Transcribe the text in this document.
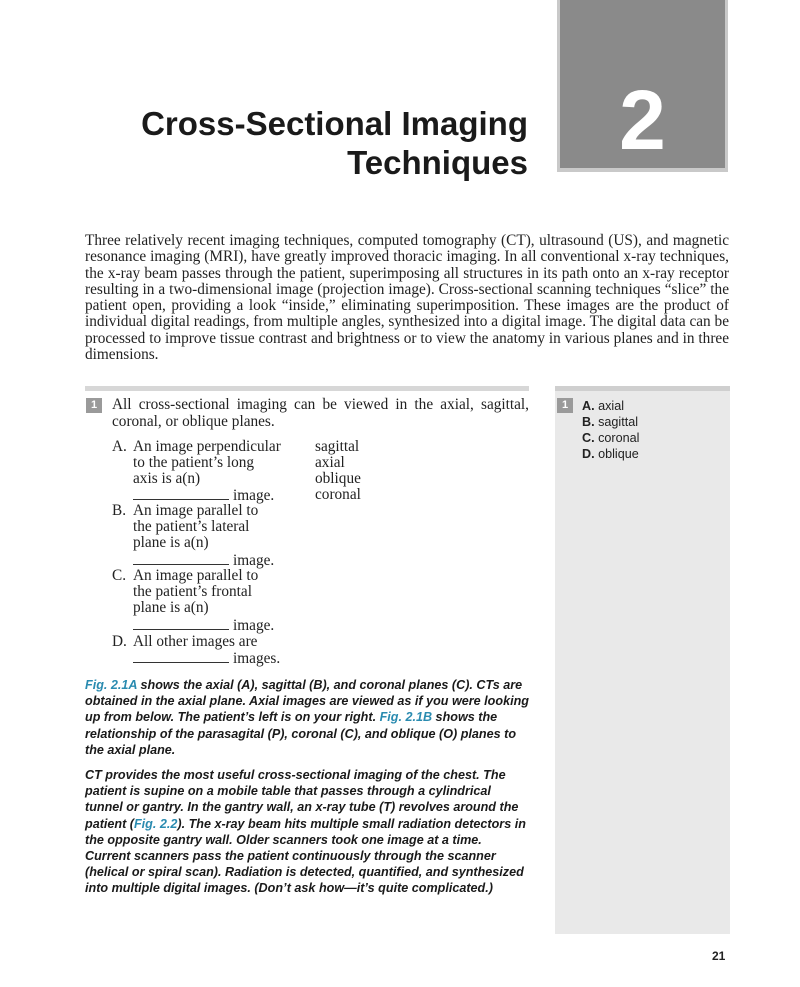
2
Cross-Sectional Imaging
Techniques

Three relatively recent imaging techniques, computed tomography (CT), ultrasound (US), and magnetic resonance imaging (MRI), have greatly improved thoracic imaging. In all conventional x-ray techniques, the x-ray beam passes through the patient, superimposing all structures in its path onto an x-ray receptor resulting in a two-dimensional image (projection image). Cross-sectional scanning techniques “slice” the patient open, providing a look “inside,” eliminating superimposition. These images are the product of individual digital readings, from multiple angles, synthesized into a digital image. The digital data can be processed to improve tissue contrast and brightness or to view the anatomy in various planes and in three dimensions.

1 All cross-sectional imaging can be viewed in the axial, sagittal, coronal, or oblique planes.

A. An image perpendicular
to the patient’s long
axis is a(n)
image.
sagittal
axial
oblique
coronal
B. An image parallel to
the patient’s lateral
plane is a(n)
image.
C. An image parallel to
the patient’s frontal
plane is a(n)
image.
D. All other images are
images.

Fig. 2.1A shows the axial (A), sagittal (B), and coronal planes (C). CTs are obtained in the axial plane. Axial images are viewed as if you were looking up from below. The patient’s left is on your right. Fig. 2.1B shows the relationship of the parasagital (P), coronal (C), and oblique (O) planes to the axial plane.

CT provides the most useful cross-sectional imaging of the chest. The patient is supine on a mobile table that passes through a cylindrical tunnel or gantry. In the gantry wall, an x-ray tube (T) revolves around the patient (Fig. 2.2). The x-ray beam hits multiple small radiation detectors in the opposite gantry wall. Older scanners took one image at a time. Current scanners pass the patient continuously through the scanner (helical or spiral scan). Radiation is detected, quantified, and synthesized into multiple digital images. (Don’t ask how—it’s quite complicated.)

1	A. axial
B. sagittal
C. coronal
D. oblique
21
